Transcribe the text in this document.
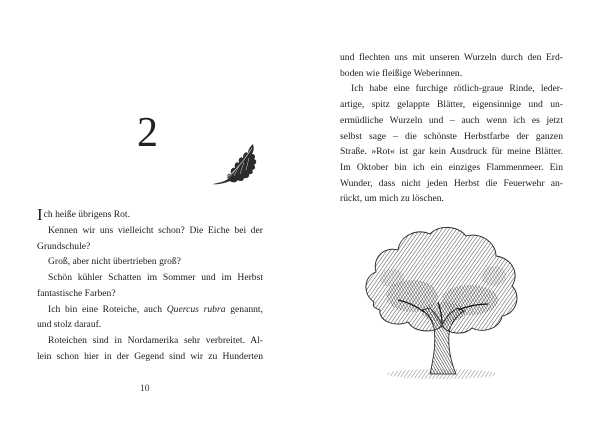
2
Ich heiße übrigens Rot.
Kennen wir uns vielleicht schon? Die Eiche bei der
Grundschule?
Groß, aber nicht übertrieben groß?
Schön kühler Schatten im Sommer und im Herbst
fantastische Farben?
Ich bin eine Roteiche, auch Quercus rubra genannt,
und stolz darauf.
Roteichen sind in Nordamerika sehr verbreitet. Al-
lein schon hier in der Gegend sind wir zu Hunderten
10
und flechten uns mit unseren Wurzeln durch den Erd-
boden wie fleißige Weberinnen.
Ich habe eine furchige rötlich-graue Rinde, leder-
artige, spitz gelappte Blätter, eigensinnige und un-
ermüdliche Wurzeln und – auch wenn ich es jetzt
selbst sage – die schönste Herbstfarbe der ganzen
Straße. »Rot« ist gar kein Ausdruck für meine Blätter.
Im Oktober bin ich ein einziges Flammenmeer. Ein
Wunder, dass nicht jeden Herbst die Feuerwehr an-
rückt, um mich zu löschen.
